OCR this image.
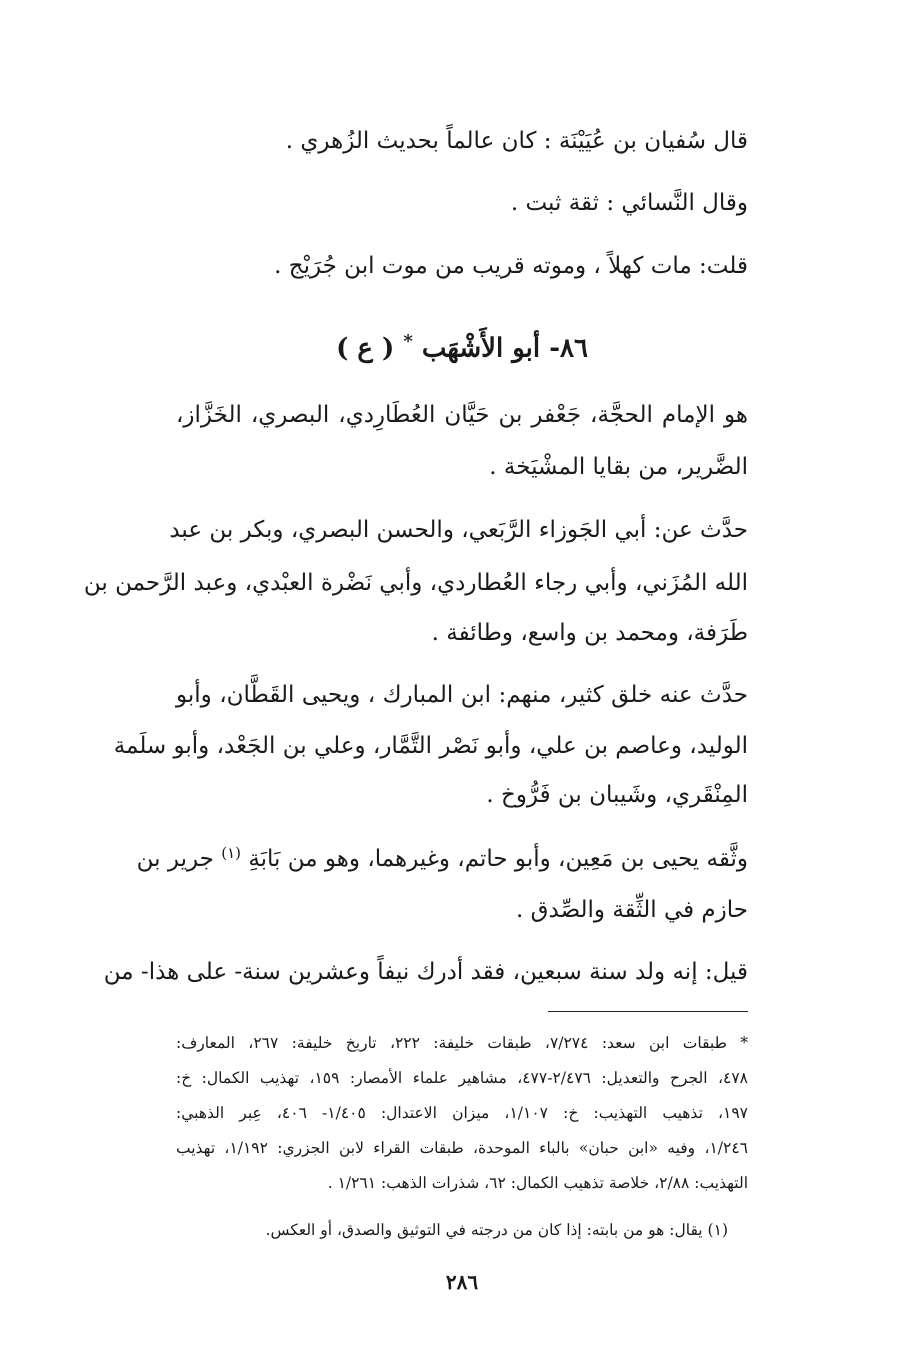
قال سُفيان بن عُيَيْنَة : كان عالماً بحديث الزُهري .
وقال النَّسائي : ثقة ثبت .
قلت: مات كهلاً ، وموته قريب من موت ابن جُرَيْج .
٨٦- أبو الأَشْهَب * ( ع )
هو الإمام الحجَّة، جَعْفر بن حَيَّان العُطَارِدي، البصري، الخَزَّاز،
الضَّرير، من بقايا المشْيَخة .
حدَّث عن: أبي الجَوزاء الرَّبَعي، والحسن البصري، وبكر بن عبد
الله المُزَني، وأبي رجاء العُطاردي، وأبي نَضْرة العبْدي، وعبد الرَّحمن بن
طَرَفة، ومحمد بن واسع، وطائفة .
حدَّث عنه خلق كثير، منهم: ابن المبارك ، ويحيى القَطَّان، وأبو
الوليد، وعاصم بن علي، وأبو نَصْر التَّمَّار، وعلي بن الجَعْد، وأبو سلَمة
المِنْقَري، وشَيبان بن فَرُّوخ .
وثَّقه يحيى بن مَعِين، وأبو حاتم، وغيرهما، وهو من بَابَةِ $^{(١)}$ جرير بن
حازم في الثِّقة والصِّدق .
قيل: إنه ولد سنة سبعين، فقد أدرك نيفاً وعشرين سنة- على هذا- من
* طبقات ابن سعد: ٧/٢٧٤، طبقات خليفة: ٢٢٢، تاريخ خليفة: ٢٦٧، المعارف:
٤٧٨، الجرح والتعديل: ٢/٤٧٦-٤٧٧، مشاهير علماء الأمصار: ١٥٩، تهذيب الكمال: خ:
١٩٧، تذهيب التهذيب: خ: ١/١٠٧، ميزان الاعتدال: ١/٤٠٥- ٤٠٦، عِبر الذهبي:
١/٢٤٦، وفيه «ابن حبان» بالباء الموحدة، طبقات القراء لابن الجزري: ١/١٩٢، تهذيب
التهذيب: ٢/٨٨، خلاصة تذهيب الكمال: ٦٢، شذرات الذهب: ١/٢٦١ .
(١) يقال: هو من بابته: إذا كان من درجته في التوثيق والصدق، أو العكس.
٢٨٦
